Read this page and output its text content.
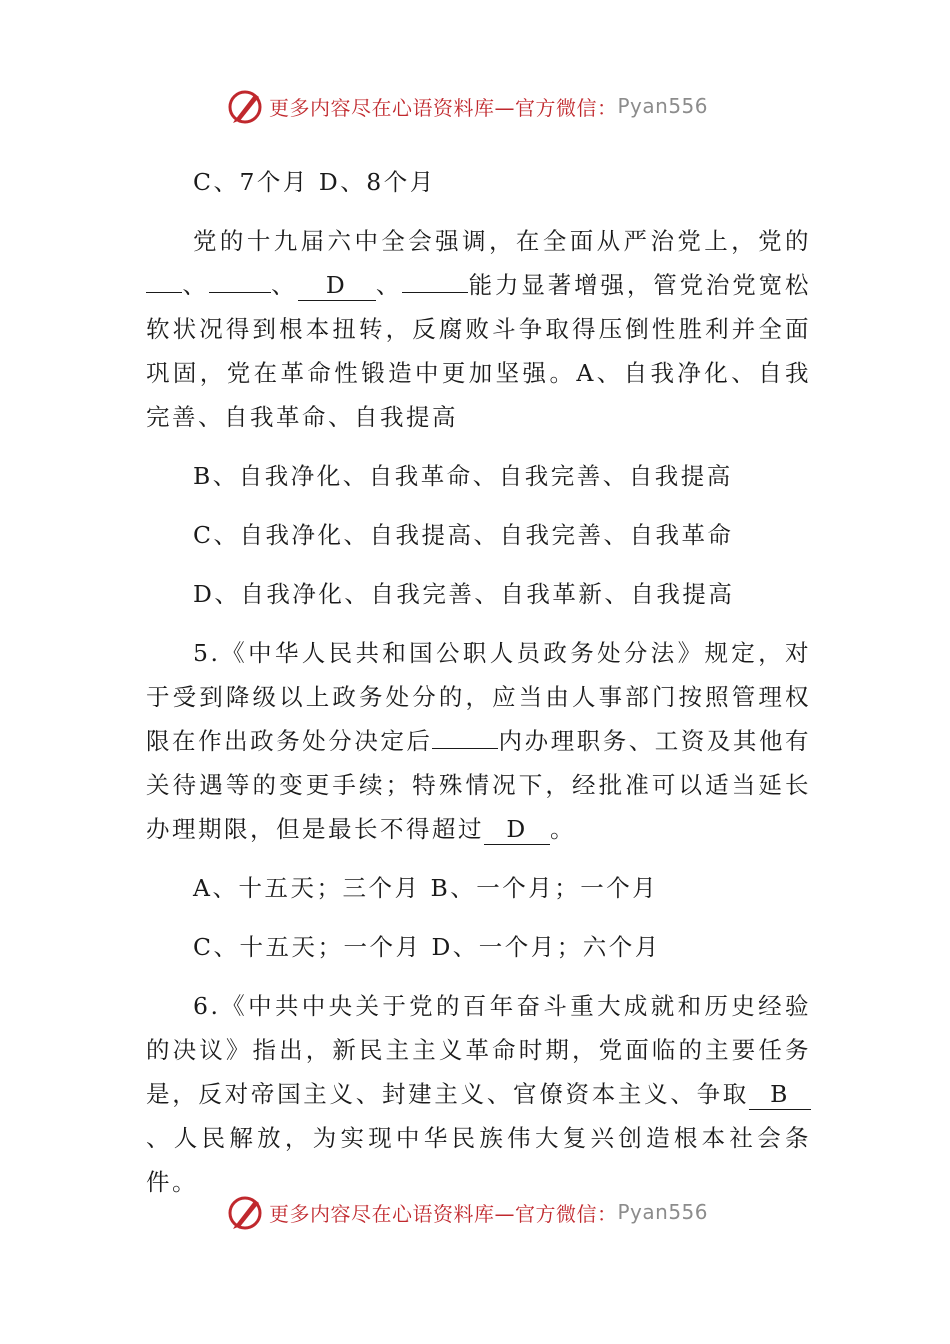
更多内容尽在心语资料库—官方微信： Pyan556

C、7个月 D、8个月

党的十九届六中全会强调，在全面从严治党上，党的、	、 D 、	能力显著增强，管党治党宽松软状况得到根本扭转，反腐败斗争取得压倒性胜利并全面巩固，党在革命性锻造中更加坚强。A、自我净化、自我完善、自我革命、自我提高

B、自我净化、自我革命、自我完善、自我提高

C、自我净化、自我提高、自我完善、自我革命

D、自我净化、自我完善、自我革新、自我提高

5.《中华人民共和国公职人员政务处分法》规定，对于受到降级以上政务处分的，应当由人事部门按照管理权限在作出政务处分决定后	内办理职务、工资及其他有关待遇等的变更手续；特殊情况下，经批准可以适当延长办理期限，但是最长不得超过 D 。

A、十五天；三个月 B、一个月；一个月

C、十五天；一个月 D、一个月；六个月

6.《中共中央关于党的百年奋斗重大成就和历史经验的决议》指出，新民主主义革命时期，党面临的主要任务是，反对帝国主义、封建主义、官僚资本主义、争取 B、人民解放，为实现中华民族伟大复兴创造根本社会条件。

更多内容尽在心语资料库—官方微信： Pyan556
